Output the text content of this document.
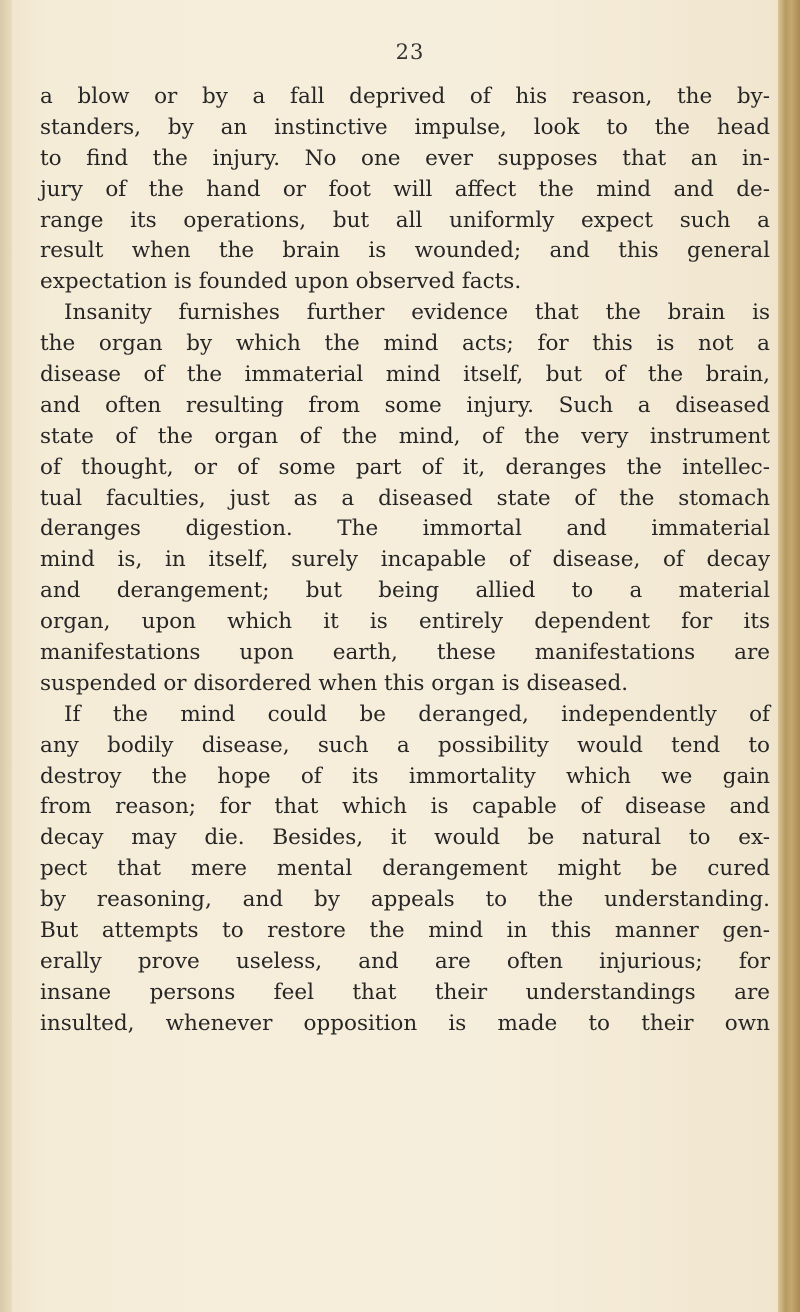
23
a blow or by a fall deprived of his reason, the by-
standers, by an instinctive impulse, look to the head
to find the injury. No one ever supposes that an in-
jury of the hand or foot will affect the mind and de-
range its operations, but all uniformly expect such a
result when the brain is wounded; and this general
expectation is founded upon observed facts.
Insanity furnishes further evidence that the brain is
the organ by which the mind acts; for this is not a
disease of the immaterial mind itself, but of the brain,
and often resulting from some injury. Such a diseased
state of the organ of the mind, of the very instrument
of thought, or of some part of it, deranges the intellec-
tual faculties, just as a diseased state of the stomach
deranges digestion. The immortal and immaterial
mind is, in itself, surely incapable of disease, of decay
and derangement; but being allied to a material
organ, upon which it is entirely dependent for its
manifestations upon earth, these manifestations are
suspended or disordered when this organ is diseased.
If the mind could be deranged, independently of
any bodily disease, such a possibility would tend to
destroy the hope of its immortality which we gain
from reason; for that which is capable of disease and
decay may die. Besides, it would be natural to ex-
pect that mere mental derangement might be cured
by reasoning, and by appeals to the understanding.
But attempts to restore the mind in this manner gen-
erally prove useless, and are often injurious; for
insane persons feel that their understandings are
insulted, whenever opposition is made to their own
